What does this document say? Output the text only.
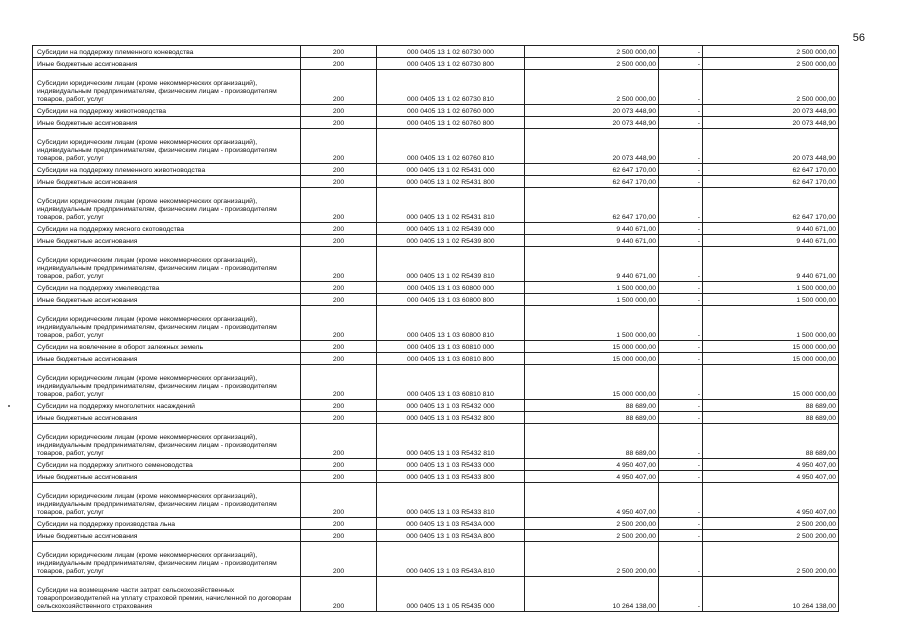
56
Субсидии на поддержку племенного коневодства	200	000 0405 13 1 02 60730 000	2 500 000,00	-	2 500 000,00
Иные бюджетные ассигнования	200	000 0405 13 1 02 60730 800	2 500 000,00	-	2 500 000,00
Субсидии юридическим лицам (кроме некоммерческих организаций), индивидуальным предпринимателям, физическим лицам - производителям товаров, работ, услуг	200	000 0405 13 1 02 60730 810	2 500 000,00	-	2 500 000,00
Субсидии на поддержку животноводства	200	000 0405 13 1 02 60760 000	20 073 448,90	-	20 073 448,90
Иные бюджетные ассигнования	200	000 0405 13 1 02 60760 800	20 073 448,90	-	20 073 448,90
Субсидии юридическим лицам (кроме некоммерческих организаций), индивидуальным предпринимателям, физическим лицам - производителям товаров, работ, услуг	200	000 0405 13 1 02 60760 810	20 073 448,90	-	20 073 448,90
Субсидии на поддержку племенного животноводства	200	000 0405 13 1 02 R5431 000	62 647 170,00	-	62 647 170,00
Иные бюджетные ассигнования	200	000 0405 13 1 02 R5431 800	62 647 170,00	-	62 647 170,00
Субсидии юридическим лицам (кроме некоммерческих организаций), индивидуальным предпринимателям, физическим лицам - производителям товаров, работ, услуг	200	000 0405 13 1 02 R5431 810	62 647 170,00	-	62 647 170,00
Субсидии на поддержку мясного скотоводства	200	000 0405 13 1 02 R5439 000	9 440 671,00	-	9 440 671,00
Иные бюджетные ассигнования	200	000 0405 13 1 02 R5439 800	9 440 671,00	-	9 440 671,00
Субсидии юридическим лицам (кроме некоммерческих организаций), индивидуальным предпринимателям, физическим лицам - производителям товаров, работ, услуг	200	000 0405 13 1 02 R5439 810	9 440 671,00	-	9 440 671,00
Субсидии на поддержку хмелеводства	200	000 0405 13 1 03 60800 000	1 500 000,00	-	1 500 000,00
Иные бюджетные ассигнования	200	000 0405 13 1 03 60800 800	1 500 000,00	-	1 500 000,00
Субсидии юридическим лицам (кроме некоммерческих организаций), индивидуальным предпринимателям, физическим лицам - производителям товаров, работ, услуг	200	000 0405 13 1 03 60800 810	1 500 000,00	-	1 500 000,00
Субсидии на вовлечение в оборот залежных земель	200	000 0405 13 1 03 60810 000	15 000 000,00	-	15 000 000,00
Иные бюджетные ассигнования	200	000 0405 13 1 03 60810 800	15 000 000,00	-	15 000 000,00
Субсидии юридическим лицам (кроме некоммерческих организаций), индивидуальным предпринимателям, физическим лицам - производителям товаров, работ, услуг	200	000 0405 13 1 03 60810 810	15 000 000,00	-	15 000 000,00
Субсидии на поддержку многолетних насаждений	200	000 0405 13 1 03 R5432 000	88 689,00	-	88 689,00
Иные бюджетные ассигнования	200	000 0405 13 1 03 R5432 800	88 689,00	-	88 689,00
Субсидии юридическим лицам (кроме некоммерческих организаций), индивидуальным предпринимателям, физическим лицам - производителям товаров, работ, услуг	200	000 0405 13 1 03 R5432 810	88 689,00	-	88 689,00
Субсидии на поддержку элитного семеноводства	200	000 0405 13 1 03 R5433 000	4 950 407,00	-	4 950 407,00
Иные бюджетные ассигнования	200	000 0405 13 1 03 R5433 800	4 950 407,00	-	4 950 407,00
Субсидии юридическим лицам (кроме некоммерческих организаций), индивидуальным предпринимателям, физическим лицам - производителям товаров, работ, услуг	200	000 0405 13 1 03 R5433 810	4 950 407,00	-	4 950 407,00
Субсидии на поддержку производства льна	200	000 0405 13 1 03 R543A 000	2 500 200,00	-	2 500 200,00
Иные бюджетные ассигнования	200	000 0405 13 1 03 R543A 800	2 500 200,00	-	2 500 200,00
Субсидии юридическим лицам (кроме некоммерческих организаций), индивидуальным предпринимателям, физическим лицам - производителям товаров, работ, услуг	200	000 0405 13 1 03 R543A 810	2 500 200,00	-	2 500 200,00
Субсидии на возмещение части затрат сельскохозяйственных товаропроизводителей на уплату страховой премии, начисленной по договорам сельскохозяйственного страхования	200	000 0405 13 1 05 R5435 000	10 264 138,00	-	10 264 138,00
